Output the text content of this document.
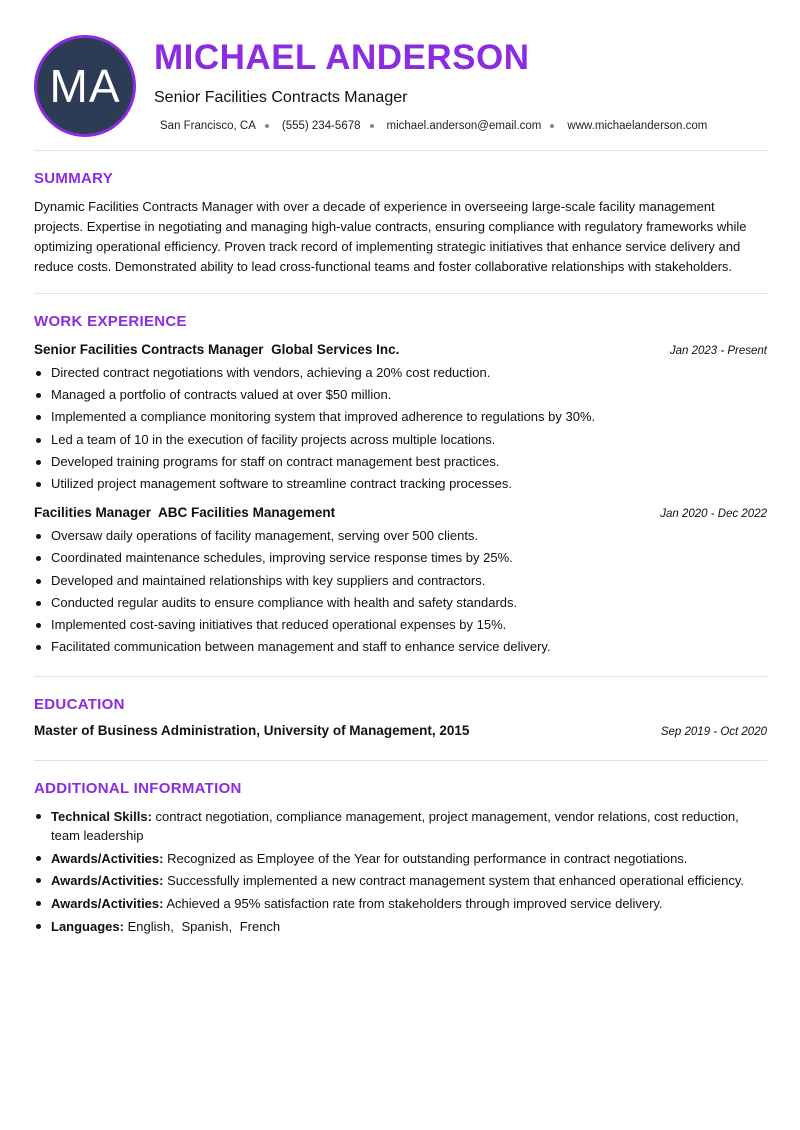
MA
MICHAEL ANDERSON
Senior Facilities Contracts Manager
San Francisco, CA (555) 234-5678 michael.anderson@email.com www.michaelanderson.com
SUMMARY

Dynamic Facilities Contracts Manager with over a decade of experience in overseeing large-scale facility management projects. Expertise in negotiating and managing high-value contracts, ensuring compliance with regulatory frameworks while optimizing operational efficiency. Proven track record of implementing strategic initiatives that enhance service delivery and reduce costs. Demonstrated ability to lead cross-functional teams and foster collaborative relationships with stakeholders.

WORK EXPERIENCE
Senior Facilities Contracts Manager  Global Services Inc.	Jan 2023 - Present
Directed contract negotiations with vendors, achieving a 20% cost reduction.
Managed a portfolio of contracts valued at over $50 million.
Implemented a compliance monitoring system that improved adherence to regulations by 30%.
Led a team of 10 in the execution of facility projects across multiple locations.
Developed training programs for staff on contract management best practices.
Utilized project management software to streamline contract tracking processes.
Facilities Manager  ABC Facilities Management	Jan 2020 - Dec 2022
Oversaw daily operations of facility management, serving over 500 clients.
Coordinated maintenance schedules, improving service response times by 25%.
Developed and maintained relationships with key suppliers and contractors.
Conducted regular audits to ensure compliance with health and safety standards.
Implemented cost-saving initiatives that reduced operational expenses by 15%.
Facilitated communication between management and staff to enhance service delivery.
EDUCATION
Master of Business Administration, University of Management, 2015	Sep 2019 - Oct 2020
ADDITIONAL INFORMATION
Technical Skills: contract negotiation, compliance management, project management, vendor relations, cost reduction, team leadership
Awards/Activities: Recognized as Employee of the Year for outstanding performance in contract negotiations.
Awards/Activities: Successfully implemented a new contract management system that enhanced operational efficiency.
Awards/Activities: Achieved a 95% satisfaction rate from stakeholders through improved service delivery.
Languages: English, Spanish, French
